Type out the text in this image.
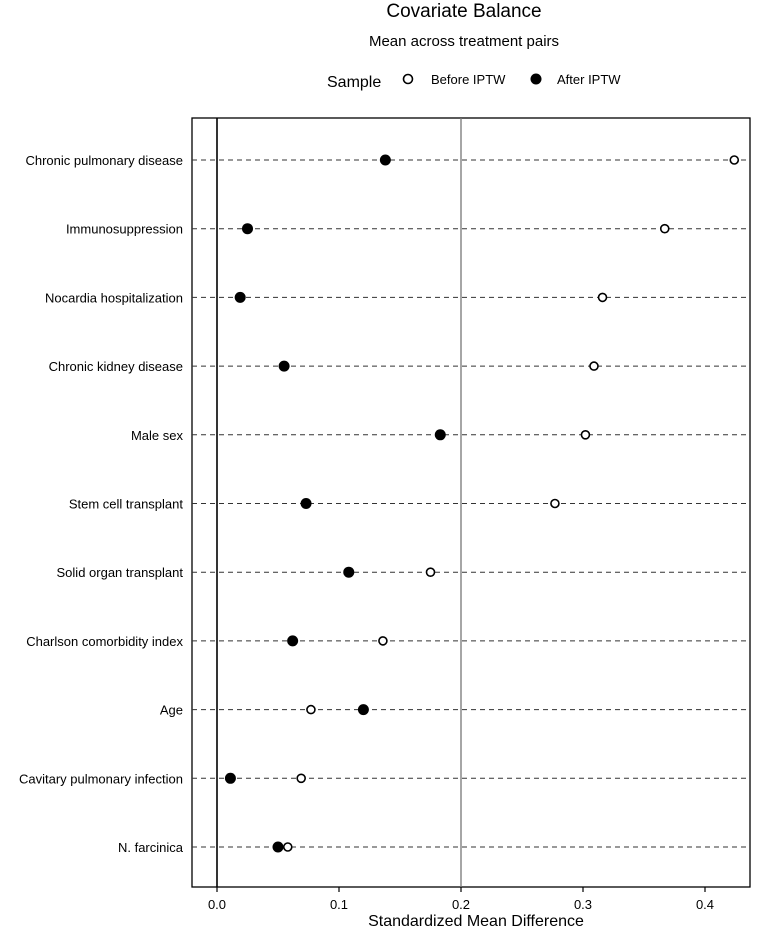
Covariate Balance
Mean across treatment pairs
Sample	Before IPTW	After IPTW
Chronic pulmonary disease
Immunosuppression
Nocardia hospitalization
Chronic kidney disease
Male sex
Stem cell transplant
Solid organ transplant
Charlson comorbidity index
Age
Cavitary pulmonary infection
N. farcinica
0.0	0.1	0.2	0.3	0.4
Standardized Mean Difference
